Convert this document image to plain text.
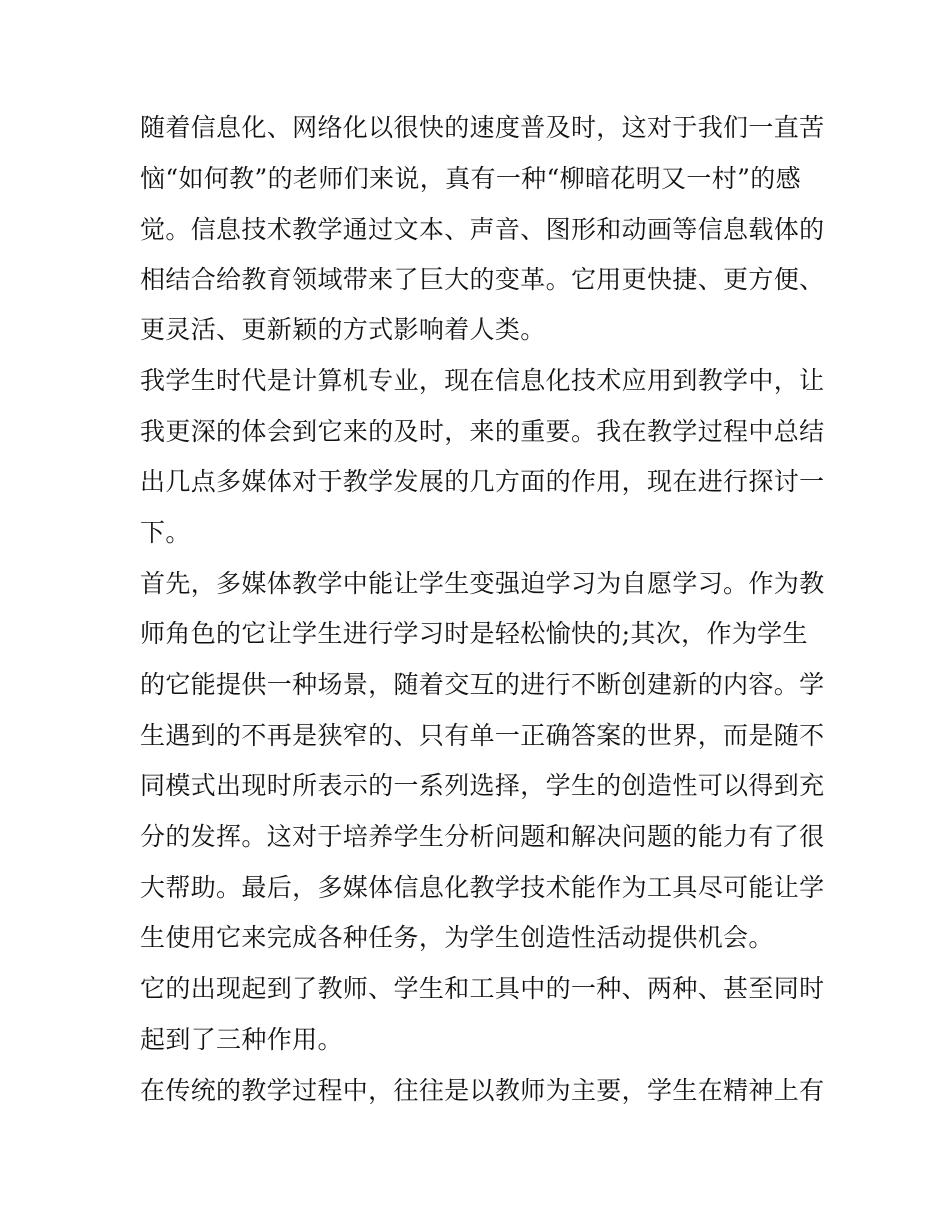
随着信息化、网络化以很快的速度普及时，这对于我们一直苦
恼“如何教”的老师们来说，真有一种“柳暗花明又一村”的感
觉。信息技术教学通过文本、声音、图形和动画等信息载体的
相结合给教育领域带来了巨大的变革。它用更快捷、更方便、
更灵活、更新颖的方式影响着人类。
我学生时代是计算机专业，现在信息化技术应用到教学中，让
我更深的体会到它来的及时，来的重要。我在教学过程中总结
出几点多媒体对于教学发展的几方面的作用，现在进行探讨一
下。
首先，多媒体教学中能让学生变强迫学习为自愿学习。作为教
师角色的它让学生进行学习时是轻松愉快的;其次，作为学生
的它能提供一种场景，随着交互的进行不断创建新的内容。学
生遇到的不再是狭窄的、只有单一正确答案的世界，而是随不
同模式出现时所表示的一系列选择，学生的创造性可以得到充
分的发挥。这对于培养学生分析问题和解决问题的能力有了很
大帮助。最后，多媒体信息化教学技术能作为工具尽可能让学
生使用它来完成各种任务，为学生创造性活动提供机会。
它的出现起到了教师、学生和工具中的一种、两种、甚至同时
起到了三种作用。
在传统的教学过程中，往往是以教师为主要，学生在精神上有
